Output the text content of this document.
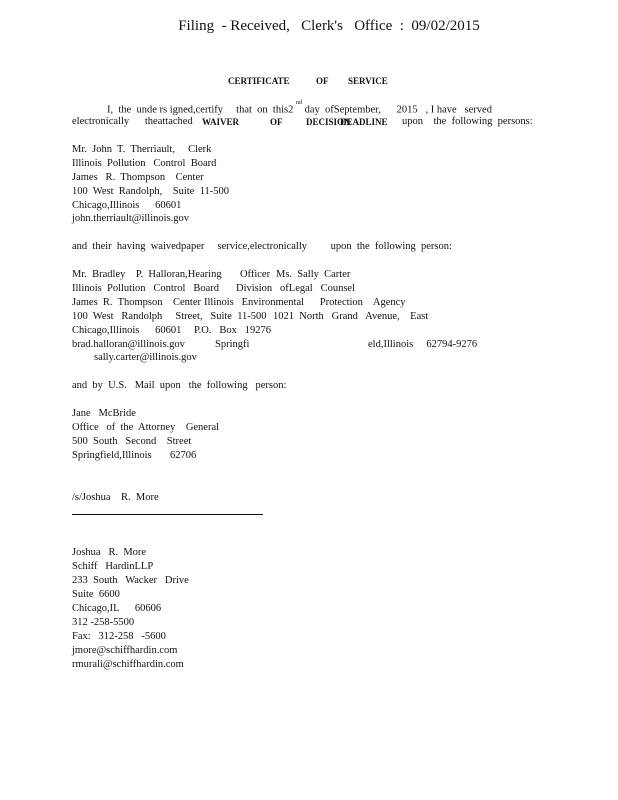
Filing  - Received,   Clerk's   Office  :  09/02/2015
CERTIFICATE	OF SERVICE
I,  the  unde rs igned,certify     that  on  this2 $^{nd}$ day  ofSeptember,      2015   , I have   served
electronically      theattached WAIVER	OF	DECISION
DEADLINE upon    the  following  persons:
Mr.  John  T.  Therriault,     Clerk
Illinois  Pollution   Control  Board
James   R.  Thompson    Center
100  West  Randolph,    Suite  11-500
Chicago,Illinois      60601
john.therriault@illinois.gov
and  their  having  waivedpaper     service,electronically         upon  the  following  person:
Mr.  Bradley    P.  Halloran,Hearing       Officer
Illinois  Pollution   Control   Board
James  R.  Thompson    Center
100  West   Randolph     Street,   Suite  11-500
Chicago,Illinois      60601
brad.halloran@illinois.gov
Ms.  Sally  Carter
Division   ofLegal   Counsel
Illinois   Environmental      Protection    Agency
1021  North   Grand   Avenue,    East
P.O.   Box   19276
Springfi	eld,Illinois     62794-9276
sally.carter@illinois.gov
and  by  U.S.   Mail  upon   the  following   person:
Jane   McBride
Office   of  the  Attorney    General
500  South   Second    Street
Springfield,Illinois       62706
/s/Joshua    R.  More
Joshua   R.  More
Schiff   HardinLLP
233  South   Wacker   Drive
Suite  6600
Chicago,IL      60606
312 -258-5500
Fax:   312-258   -5600
jmore@schiffhardin.com
rmurali@schiffhardin.com
